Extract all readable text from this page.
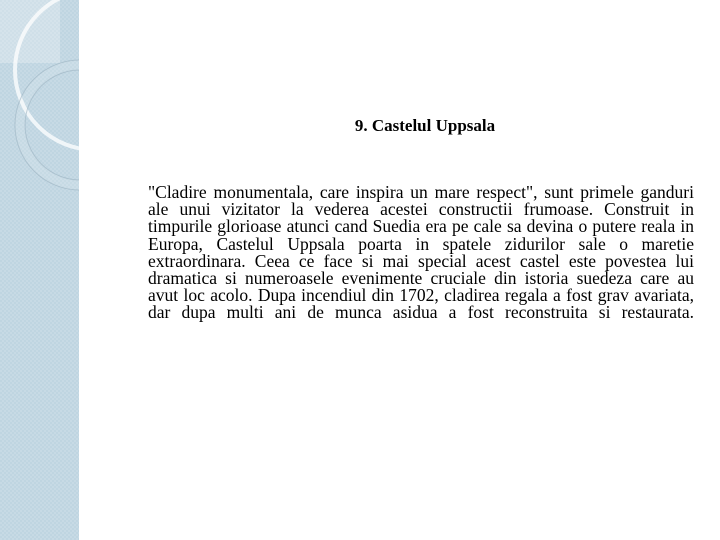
9. Castelul Uppsala
"Cladire monumentala, care inspira un mare respect", sunt primele ganduri ale unui vizitator la vederea acestei constructii frumoase. Construit in timpurile glorioase atunci cand Suedia era pe cale sa devina o putere reala in Europa, Castelul Uppsala poarta in spatele zidurilor sale o maretie extraordinara. Ceea ce face si mai special acest castel este povestea lui dramatica si numeroasele evenimente cruciale din istoria suedeza care au avut loc acolo. Dupa incendiul din 1702, cladirea regala a fost grav avariata, dar dupa multi ani de munca asidua a fost reconstruita si restaurata.
